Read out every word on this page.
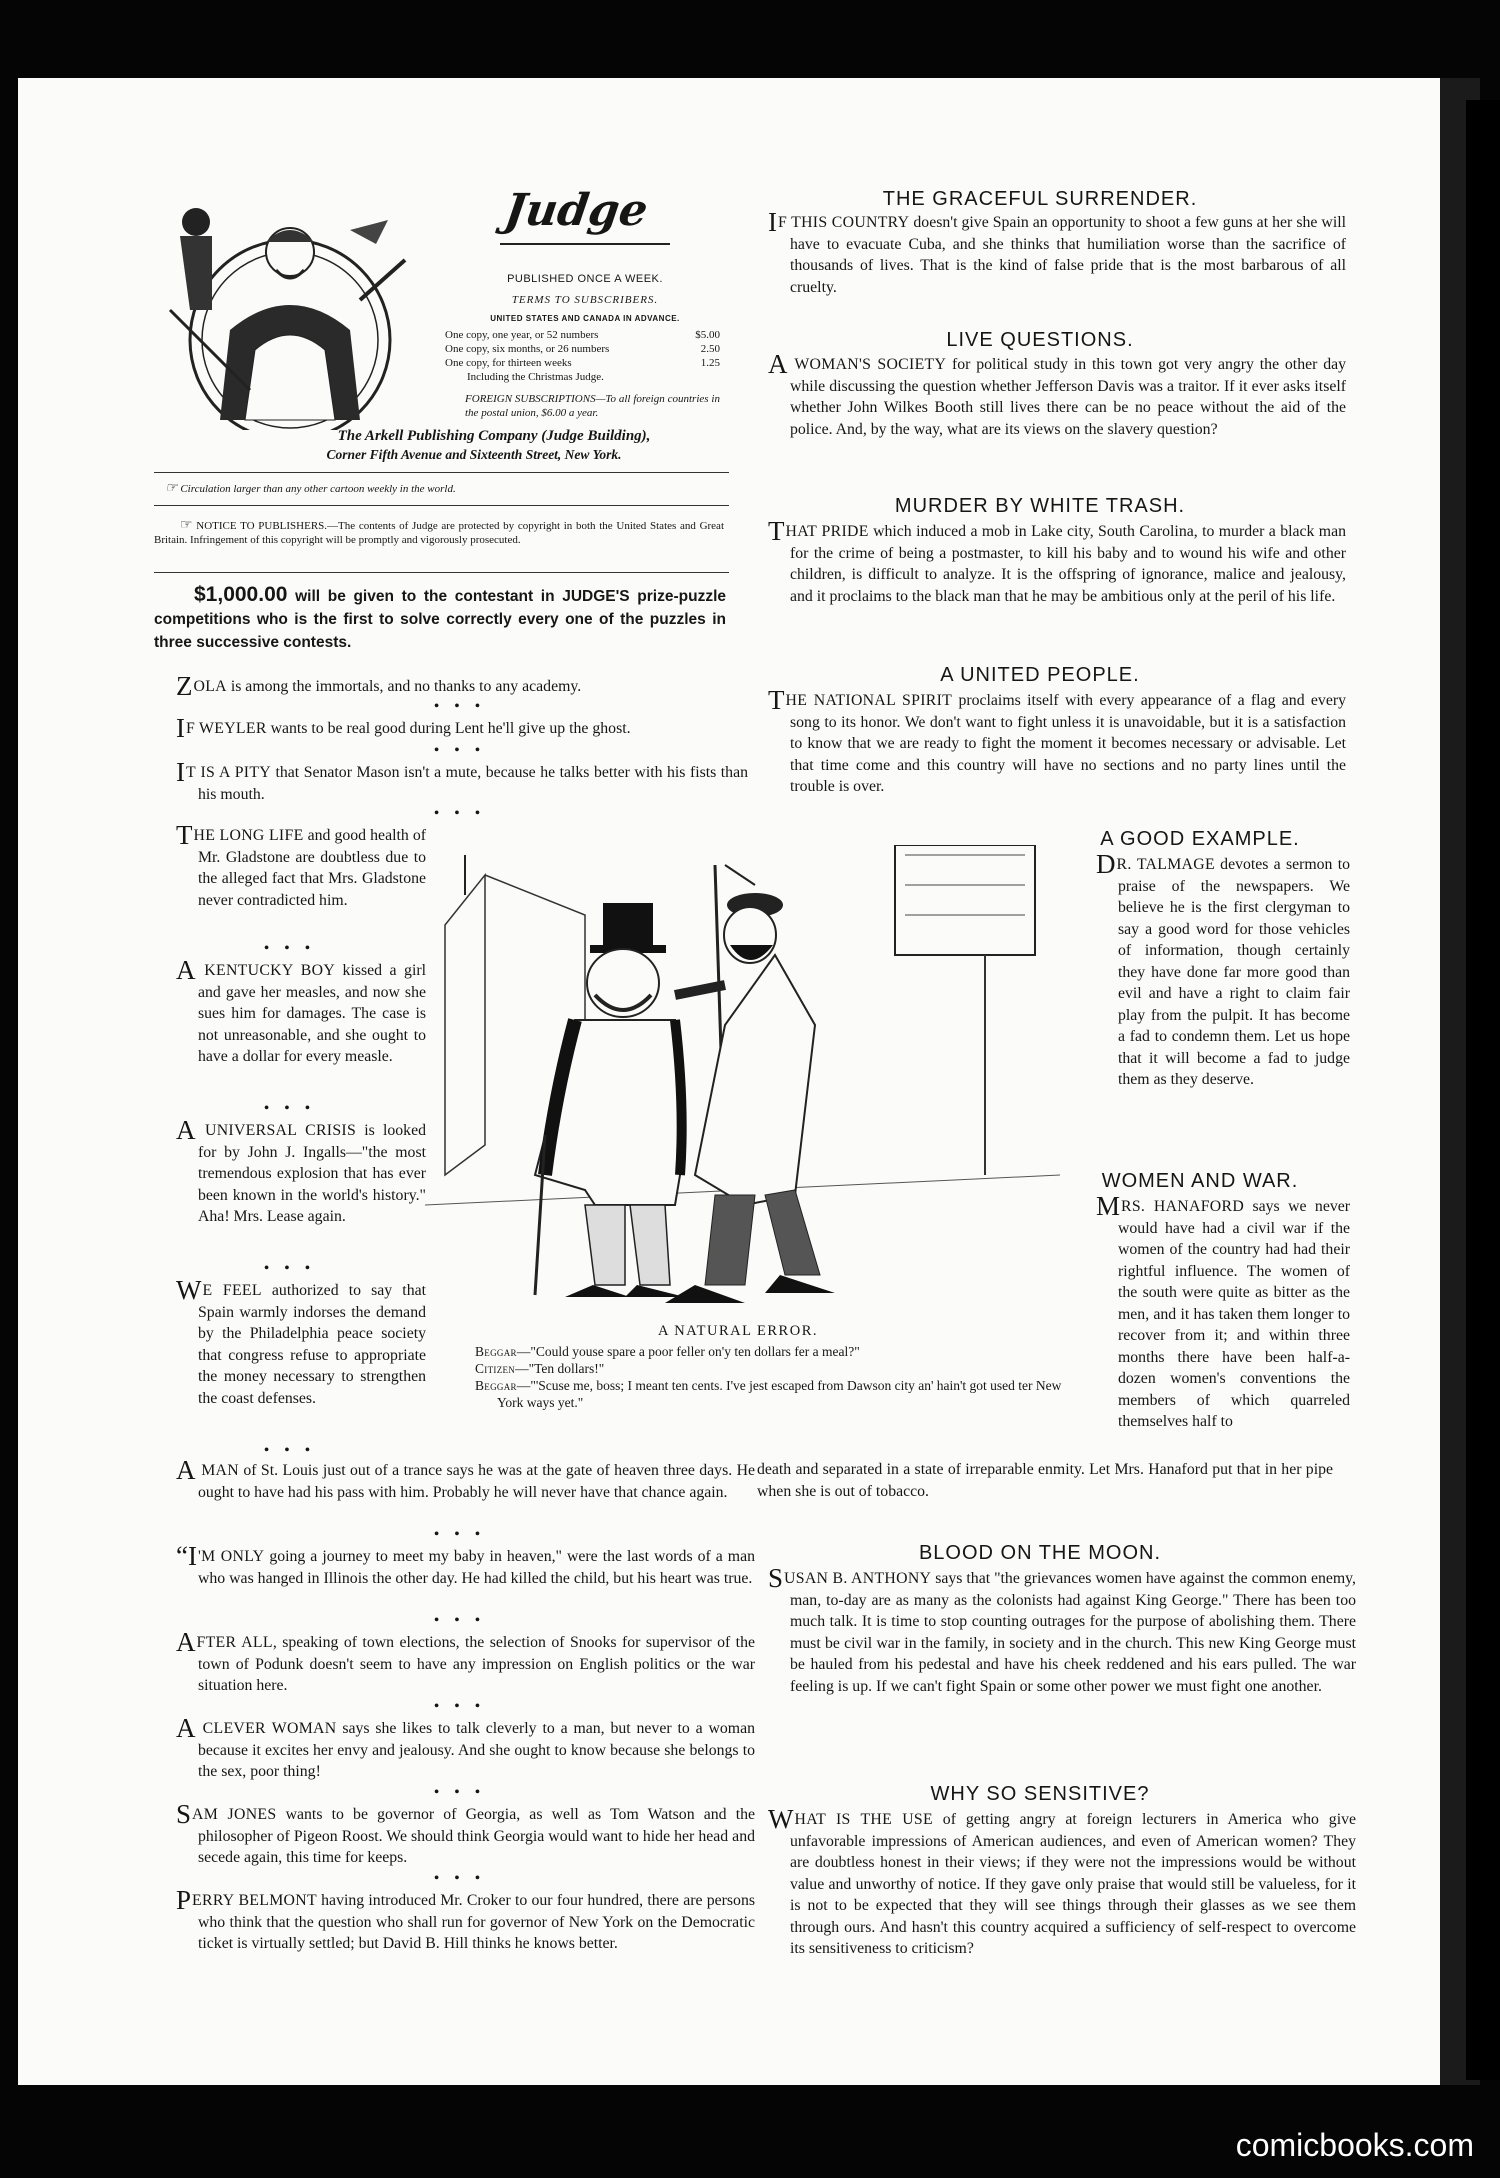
Judge
PUBLISHED ONCE A WEEK.
TERMS TO SUBSCRIBERS.
UNITED STATES AND CANADA IN ADVANCE.
One copy, one year, or 52 numbers	$5.00
One copy, six months, or 26 numbers	2.50
One copy, for thirteen weeks	1.25
Including the Christmas Judge.
FOREIGN SUBSCRIPTIONS—To all foreign countries in the postal union, $6.00 a year.
The Arkell Publishing Company (Judge Building),
Corner Fifth Avenue and Sixteenth Street, New York.
☞ Circulation larger than any other cartoon weekly in the world.
☞ NOTICE TO PUBLISHERS.—The contents of Judge are protected by copyright in both the United States and Great Britain. Infringement of this copyright will be promptly and vigorously prosecuted.
$1,000.00 will be given to the contestant in JUDGE'S prize-puzzle competitions who is the first to solve correctly every one of the puzzles in three successive contests.
ZOLA is among the immortals, and no thanks to any academy.
• • •
IF WEYLER wants to be real good during Lent he'll give up the ghost.
• • •
IT IS A PITY that Senator Mason isn't a mute, because he talks better with his fists than his mouth.
• • •
THE LONG LIFE and good health of Mr. Gladstone are doubtless due to the alleged fact that Mrs. Gladstone never contradicted him.
• • •
A KENTUCKY BOY kissed a girl and gave her measles, and now she sues him for damages. The case is not unreasonable, and she ought to have a dollar for every measle.
• • •
A UNIVERSAL CRISIS is looked for by John J. Ingalls—"the most tremendous explosion that has ever been known in the world's history." Aha! Mrs. Lease again.
• • •
WE FEEL authorized to say that Spain warmly indorses the demand by the Philadelphia peace society that congress refuse to appropriate the money necessary to strengthen the coast defenses.
• • •
A NATURAL ERROR.
Beggar—"Could youse spare a poor feller on'y ten dollars fer a meal?"
Citizen—"Ten dollars!"
Beggar—"'Scuse me, boss; I meant ten cents. I've jest escaped from Dawson city an' hain't got used ter New York ways yet."
A MAN of St. Louis just out of a trance says he was at the gate of heaven three days. He ought to have had his pass with him. Probably he will never have that chance again.
• • •
“I'M ONLY going a journey to meet my baby in heaven," were the last words of a man who was hanged in Illinois the other day. He had killed the child, but his heart was true.
• • •
AFTER ALL, speaking of town elections, the selection of Snooks for supervisor of the town of Podunk doesn't seem to have any impression on English politics or the war situation here.
• • •
A CLEVER WOMAN says she likes to talk cleverly to a man, but never to a woman because it excites her envy and jealousy. And she ought to know because she belongs to the sex, poor thing!
• • •
SAM JONES wants to be governor of Georgia, as well as Tom Watson and the philosopher of Pigeon Roost. We should think Georgia would want to hide her head and secede again, this time for keeps.
• • •
PERRY BELMONT having introduced Mr. Croker to our four hundred, there are persons who think that the question who shall run for governor of New York on the Democratic ticket is virtually settled; but David B. Hill thinks he knows better.
THE GRACEFUL SURRENDER.
IF THIS COUNTRY doesn't give Spain an opportunity to shoot a few guns at her she will have to evacuate Cuba, and she thinks that humiliation worse than the sacrifice of thousands of lives. That is the kind of false pride that is the most barbarous of all cruelty.
LIVE QUESTIONS.
A WOMAN'S SOCIETY for political study in this town got very angry the other day while discussing the question whether Jefferson Davis was a traitor. If it ever asks itself whether John Wilkes Booth still lives there can be no peace without the aid of the police. And, by the way, what are its views on the slavery question?
MURDER BY WHITE TRASH.
THAT PRIDE which induced a mob in Lake city, South Carolina, to murder a black man for the crime of being a postmaster, to kill his baby and to wound his wife and other children, is difficult to analyze. It is the offspring of ignorance, malice and jealousy, and it proclaims to the black man that he may be ambitious only at the peril of his life.
A UNITED PEOPLE.
THE NATIONAL SPIRIT proclaims itself with every appearance of a flag and every song to its honor. We don't want to fight unless it is unavoidable, but it is a satisfaction to know that we are ready to fight the moment it becomes necessary or advisable. Let that time come and this country will have no sections and no party lines until the trouble is over.
A GOOD EXAMPLE.
DR. TALMAGE devotes a sermon to praise of the newspapers. We believe he is the first clergyman to say a good word for those vehicles of information, though certainly they have done far more good than evil and have a right to claim fair play from the pulpit. It has become a fad to condemn them. Let us hope that it will become a fad to judge them as they deserve.
WOMEN AND WAR.
MRS. HANAFORD says we never would have had a civil war if the women of the country had had their rightful influence. The women of the south were quite as bitter as the men, and it has taken them longer to recover from it; and within three months there have been half-a-dozen women's conventions the members of which quarreled themselves half to
death and separated in a state of irreparable enmity. Let Mrs. Hanaford put that in her pipe when she is out of tobacco.
BLOOD ON THE MOON.
SUSAN B. ANTHONY says that "the grievances women have against the common enemy, man, to-day are as many as the colonists had against King George." There has been too much talk. It is time to stop counting outrages for the purpose of abolishing them. There must be civil war in the family, in society and in the church. This new King George must be hauled from his pedestal and have his cheek reddened and his ears pulled. The war feeling is up. If we can't fight Spain or some other power we must fight one another.
WHY SO SENSITIVE?
WHAT IS THE USE of getting angry at foreign lecturers in America who give unfavorable impressions of American audiences, and even of American women? They are doubtless honest in their views; if they were not the impressions would be without value and unworthy of notice. If they gave only praise that would still be valueless, for it is not to be expected that they will see things through their glasses as we see them through ours. And hasn't this country acquired a sufficiency of self-respect to overcome its sensitiveness to criticism?
comicbooks.com
